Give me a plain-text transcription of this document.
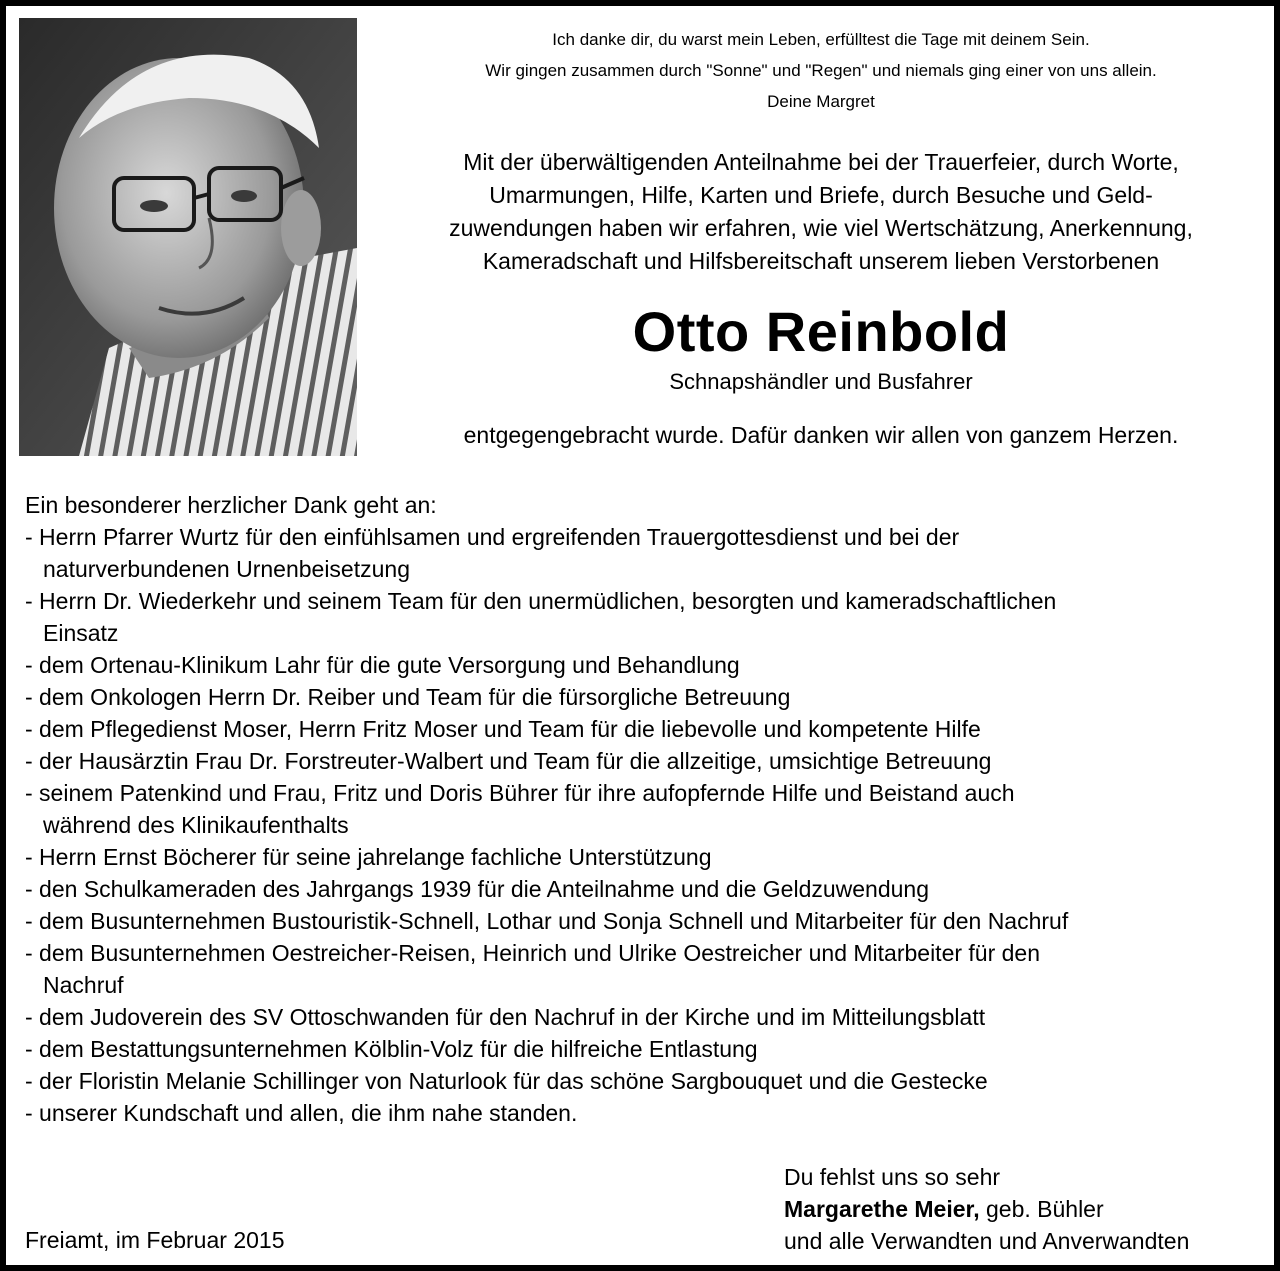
Ich danke dir, du warst mein Leben, erfülltest die Tage mit deinem Sein.
Wir gingen zusammen durch "Sonne" und "Regen" und niemals ging einer von uns allein.
Deine Margret
Mit der überwältigenden Anteilnahme bei der Trauerfeier, durch Worte,
Umarmungen, Hilfe, Karten und Briefe, durch Besuche und Geld-
zuwendungen haben wir erfahren, wie viel Wertschätzung, Anerkennung,
Kameradschaft und Hilfsbereitschaft unserem lieben Verstorbenen
Otto Reinbold
Schnapshändler und Busfahrer
entgegengebracht wurde. Dafür danken wir allen von ganzem Herzen.
Ein besonderer herzlicher Dank geht an:
- Herrn Pfarrer Wurtz für den einfühlsamen und ergreifenden Trauergottesdienst und bei der
naturverbundenen Urnenbeisetzung
- Herrn Dr. Wiederkehr und seinem Team für den unermüdlichen, besorgten und kameradschaftlichen
Einsatz
- dem Ortenau-Klinikum Lahr für die gute Versorgung und Behandlung
- dem Onkologen Herrn Dr. Reiber und Team für die fürsorgliche Betreuung
- dem Pflegedienst Moser, Herrn Fritz Moser und Team für die liebevolle und kompetente Hilfe
- der Hausärztin Frau Dr. Forstreuter-Walbert und Team für die allzeitige, umsichtige Betreuung
- seinem Patenkind und Frau, Fritz und Doris Bührer für ihre aufopfernde Hilfe und Beistand auch
während des Klinikaufenthalts
- Herrn Ernst Böcherer für seine jahrelange fachliche Unterstützung
- den Schulkameraden des Jahrgangs 1939 für die Anteilnahme und die Geldzuwendung
- dem Busunternehmen Bustouristik-Schnell, Lothar und Sonja Schnell und Mitarbeiter für den Nachruf
- dem Busunternehmen Oestreicher-Reisen, Heinrich und Ulrike Oestreicher und Mitarbeiter für den
Nachruf
- dem Judoverein des SV Ottoschwanden für den Nachruf in der Kirche und im Mitteilungsblatt
- dem Bestattungsunternehmen Kölblin-Volz für die hilfreiche Entlastung
- der Floristin Melanie Schillinger von Naturlook für das schöne Sargbouquet und die Gestecke
- unserer Kundschaft und allen, die ihm nahe standen.
Freiamt, im Februar 2015
Du fehlst uns so sehr
Margarethe Meier, geb. Bühler
und alle Verwandten und Anverwandten
